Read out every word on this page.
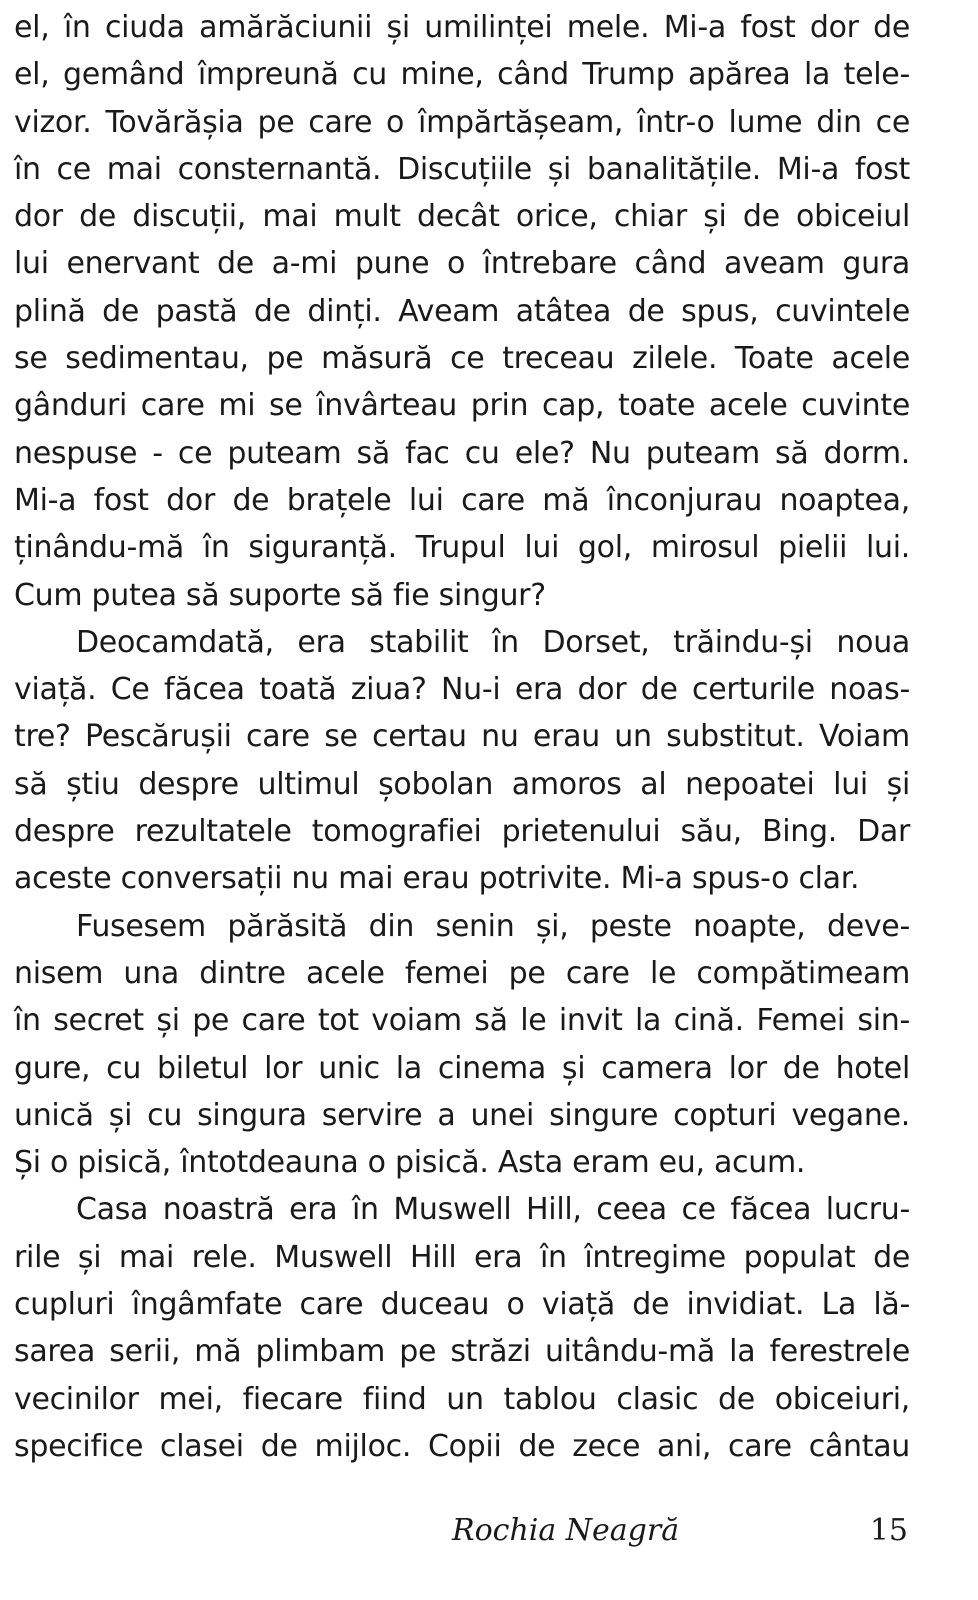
el, în ciuda amărăciunii și umilinței mele. Mi-a fost dor de
el, gemând împreună cu mine, când Trump apărea la tele-
vizor. Tovărășia pe care o împărtășeam, într-o lume din ce
în ce mai consternantă. Discuțiile și banalitățile. Mi-a fost
dor de discuții, mai mult decât orice, chiar și de obiceiul
lui enervant de a-mi pune o întrebare când aveam gura
plină de pastă de dinți. Aveam atâtea de spus, cuvintele
se sedimentau, pe măsură ce treceau zilele. Toate acele
gânduri care mi se învârteau prin cap, toate acele cuvinte
nespuse - ce puteam să fac cu ele? Nu puteam să dorm.
Mi-a fost dor de brațele lui care mă înconjurau noaptea,
ținându-mă în siguranță. Trupul lui gol, mirosul pielii lui.
Cum putea să suporte să fie singur?
Deocamdată, era stabilit în Dorset, trăindu-și noua
viață. Ce făcea toată ziua? Nu-i era dor de certurile noas-
tre? Pescărușii care se certau nu erau un substitut. Voiam
să știu despre ultimul șobolan amoros al nepoatei lui și
despre rezultatele tomografiei prietenului său, Bing. Dar
aceste conversații nu mai erau potrivite. Mi-a spus-o clar.
Fusesem părăsită din senin și, peste noapte, deve-
nisem una dintre acele femei pe care le compătimeam
în secret și pe care tot voiam să le invit la cină. Femei sin-
gure, cu biletul lor unic la cinema și camera lor de hotel
unică și cu singura servire a unei singure copturi vegane.
Și o pisică, întotdeauna o pisică. Asta eram eu, acum.
Casa noastră era în Muswell Hill, ceea ce făcea lucru-
rile și mai rele. Muswell Hill era în întregime populat de
cupluri îngâmfate care duceau o viață de invidiat. La lă-
sarea serii, mă plimbam pe străzi uitându-mă la ferestrele
vecinilor mei, fiecare fiind un tablou clasic de obiceiuri,
specifice clasei de mijloc. Copii de zece ani, care cântau
Rochia Neagră	15
